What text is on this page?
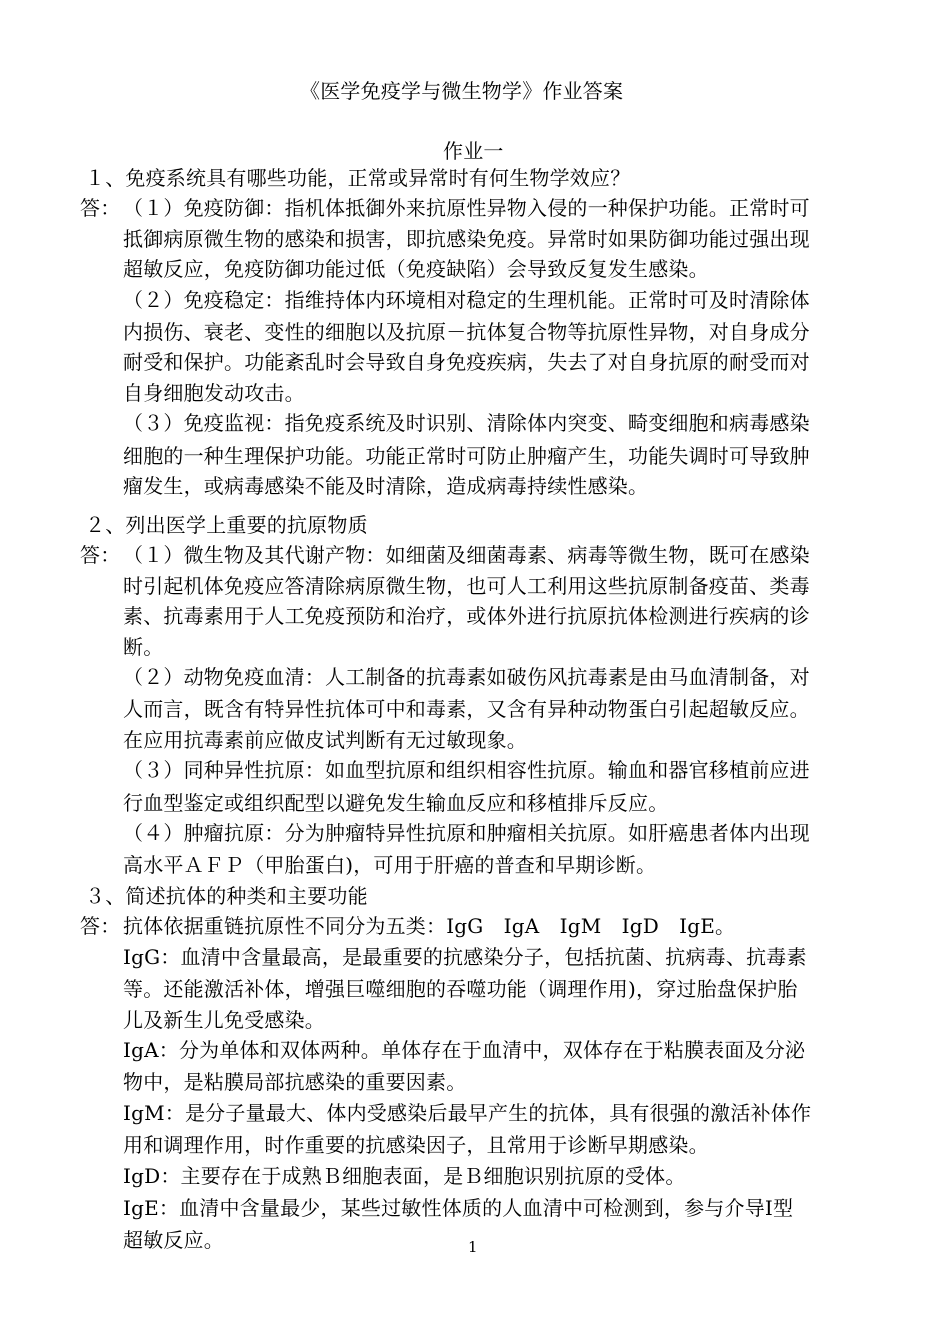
《医学免疫学与微生物学》作业答案
作业一
１、免疫系统具有哪些功能，正常或异常时有何生物学效应？
答： （１）免疫防御：指机体抵御外来抗原性异物入侵的一种保护功能。正常时可
抵御病原微生物的感染和损害，即抗感染免疫。异常时如果防御功能过强出现
超敏反应，免疫防御功能过低（免疫缺陷）会导致反复发生感染。
（２）免疫稳定：指维持体内环境相对稳定的生理机能。正常时可及时清除体
内损伤、衰老、变性的细胞以及抗原－抗体复合物等抗原性异物，对自身成分
耐受和保护。功能紊乱时会导致自身免疫疾病，失去了对自身抗原的耐受而对
自身细胞发动攻击。
（３）免疫监视：指免疫系统及时识别、清除体内突变、畸变细胞和病毒感染
细胞的一种生理保护功能。功能正常时可防止肿瘤产生，功能失调时可导致肿
瘤发生，或病毒感染不能及时清除，造成病毒持续性感染。
２、列出医学上重要的抗原物质
答： （１）微生物及其代谢产物：如细菌及细菌毒素、病毒等微生物，既可在感染
时引起机体免疫应答清除病原微生物，也可人工利用这些抗原制备疫苗、类毒
素、抗毒素用于人工免疫预防和治疗，或体外进行抗原抗体检测进行疾病的诊
断。
（２）动物免疫血清：人工制备的抗毒素如破伤风抗毒素是由马血清制备，对
人而言，既含有特异性抗体可中和毒素，又含有异种动物蛋白引起超敏反应。
在应用抗毒素前应做皮试判断有无过敏现象。
（３）同种异性抗原：如血型抗原和组织相容性抗原。输血和器官移植前应进
行血型鉴定或组织配型以避免发生输血反应和移植排斥反应。
（４）肿瘤抗原：分为肿瘤特异性抗原和肿瘤相关抗原。如肝癌患者体内出现
高水平ＡＦＰ（甲胎蛋白)，可用于肝癌的普查和早期诊断。
３、简述抗体的种类和主要功能
答： 抗体依据重链抗原性不同分为五类：IgG　IgA　IgM　IgD　IgE。
IgG：血清中含量最高，是最重要的抗感染分子，包括抗菌、抗病毒、抗毒素
等。还能激活补体，增强巨噬细胞的吞噬功能（调理作用)，穿过胎盘保护胎
儿及新生儿免受感染。
IgA：分为单体和双体两种。单体存在于血清中，双体存在于粘膜表面及分泌
物中，是粘膜局部抗感染的重要因素。
IgM：是分子量最大、体内受感染后最早产生的抗体，具有很强的激活补体作
用和调理作用，时作重要的抗感染因子，且常用于诊断早期感染。
IgD：主要存在于成熟Ｂ细胞表面，是Ｂ细胞识别抗原的受体。
IgE：血清中含量最少，某些过敏性体质的人血清中可检测到，参与介导Ⅰ型
超敏反应。	1
